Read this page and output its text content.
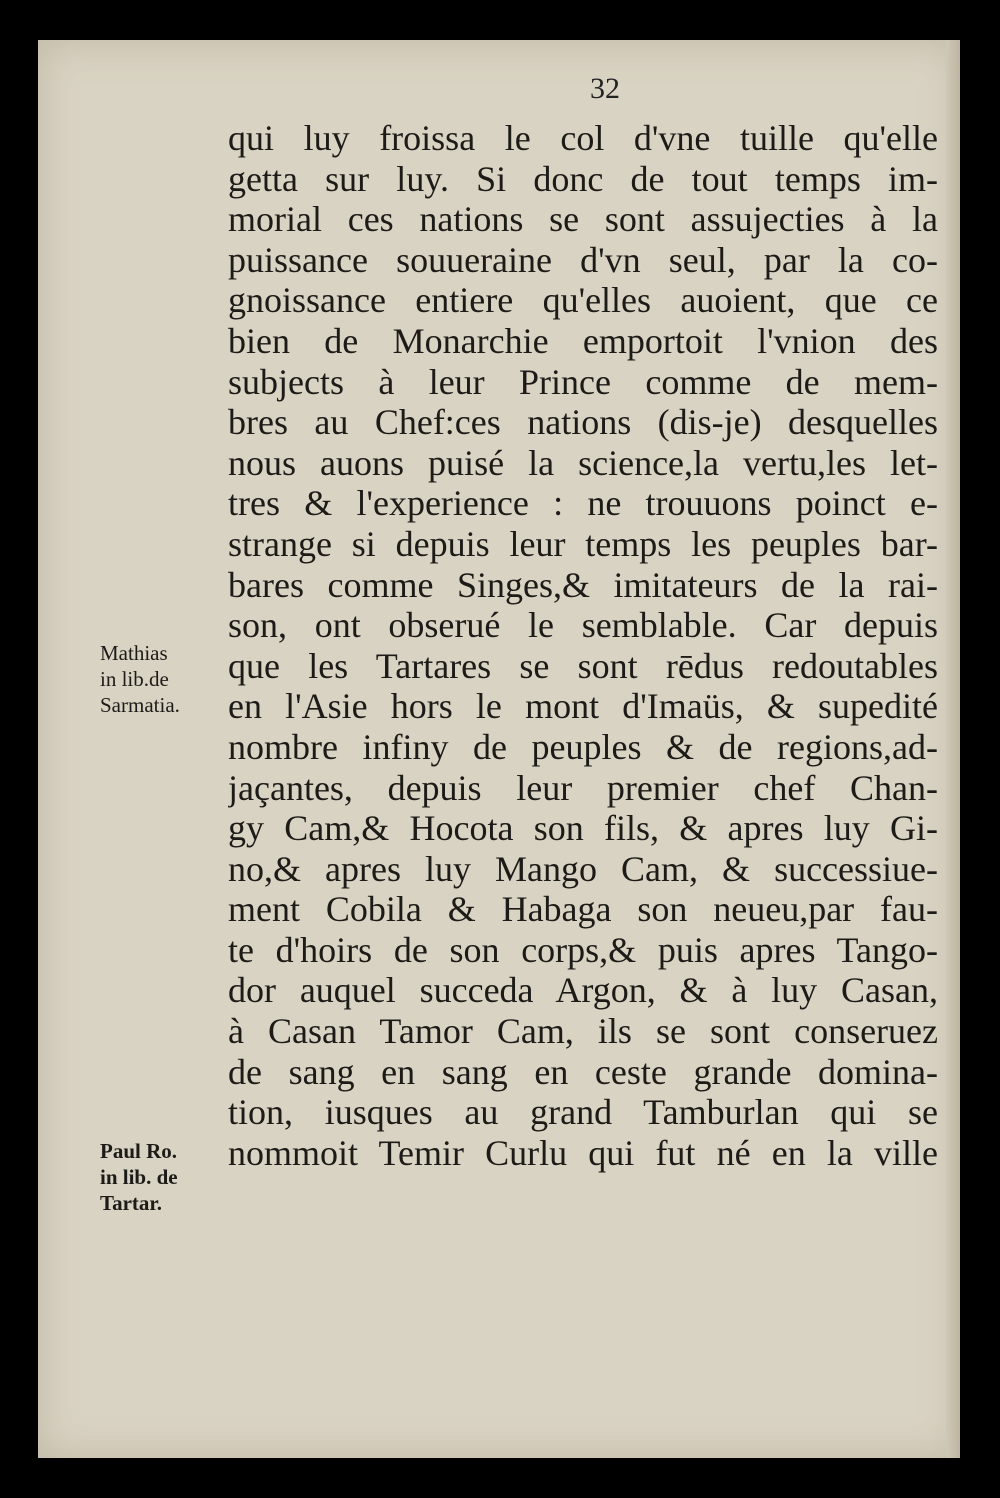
32
qui luy froissa le col d'vne tuille qu'elle
getta sur luy. Si donc de tout temps im-
morial ces nations se sont assujecties à la
puissance souueraine d'vn seul, par la co-
gnoissance entiere qu'elles auoient, que ce
bien de Monarchie emportoit l'vnion des
subjects à leur Prince comme de mem-
bres au Chef:ces nations (dis-je) desquelles
nous auons puisé la science,la vertu,les let-
tres & l'experience : ne trouuons poinct e-
strange si depuis leur temps les peuples bar-
bares comme Singes,& imitateurs de la rai-
son, ont obserué le semblable. Car depuis
que les Tartares se sont rēdus redoutables
en l'Asie hors le mont d'Imaüs, & supedité
nombre infiny de peuples & de regions,ad-
jaçantes, depuis leur premier chef Chan-
gy Cam,& Hocota son fils, & apres luy Gi-
no,& apres luy Mango Cam, & successiue-
ment Cobila & Habaga son neueu,par fau-
te d'hoirs de son corps,& puis apres Tango-
dor auquel succeda Argon, & à luy Casan,
à Casan Tamor Cam, ils se sont conseruez
de sang en sang en ceste grande domina-
tion, iusques au grand Tamburlan qui se
nommoit Temir Curlu qui fut né en la ville
Mathias
in lib.de
Sarmatia.
Paul Ro.
in lib. de
Tartar.
